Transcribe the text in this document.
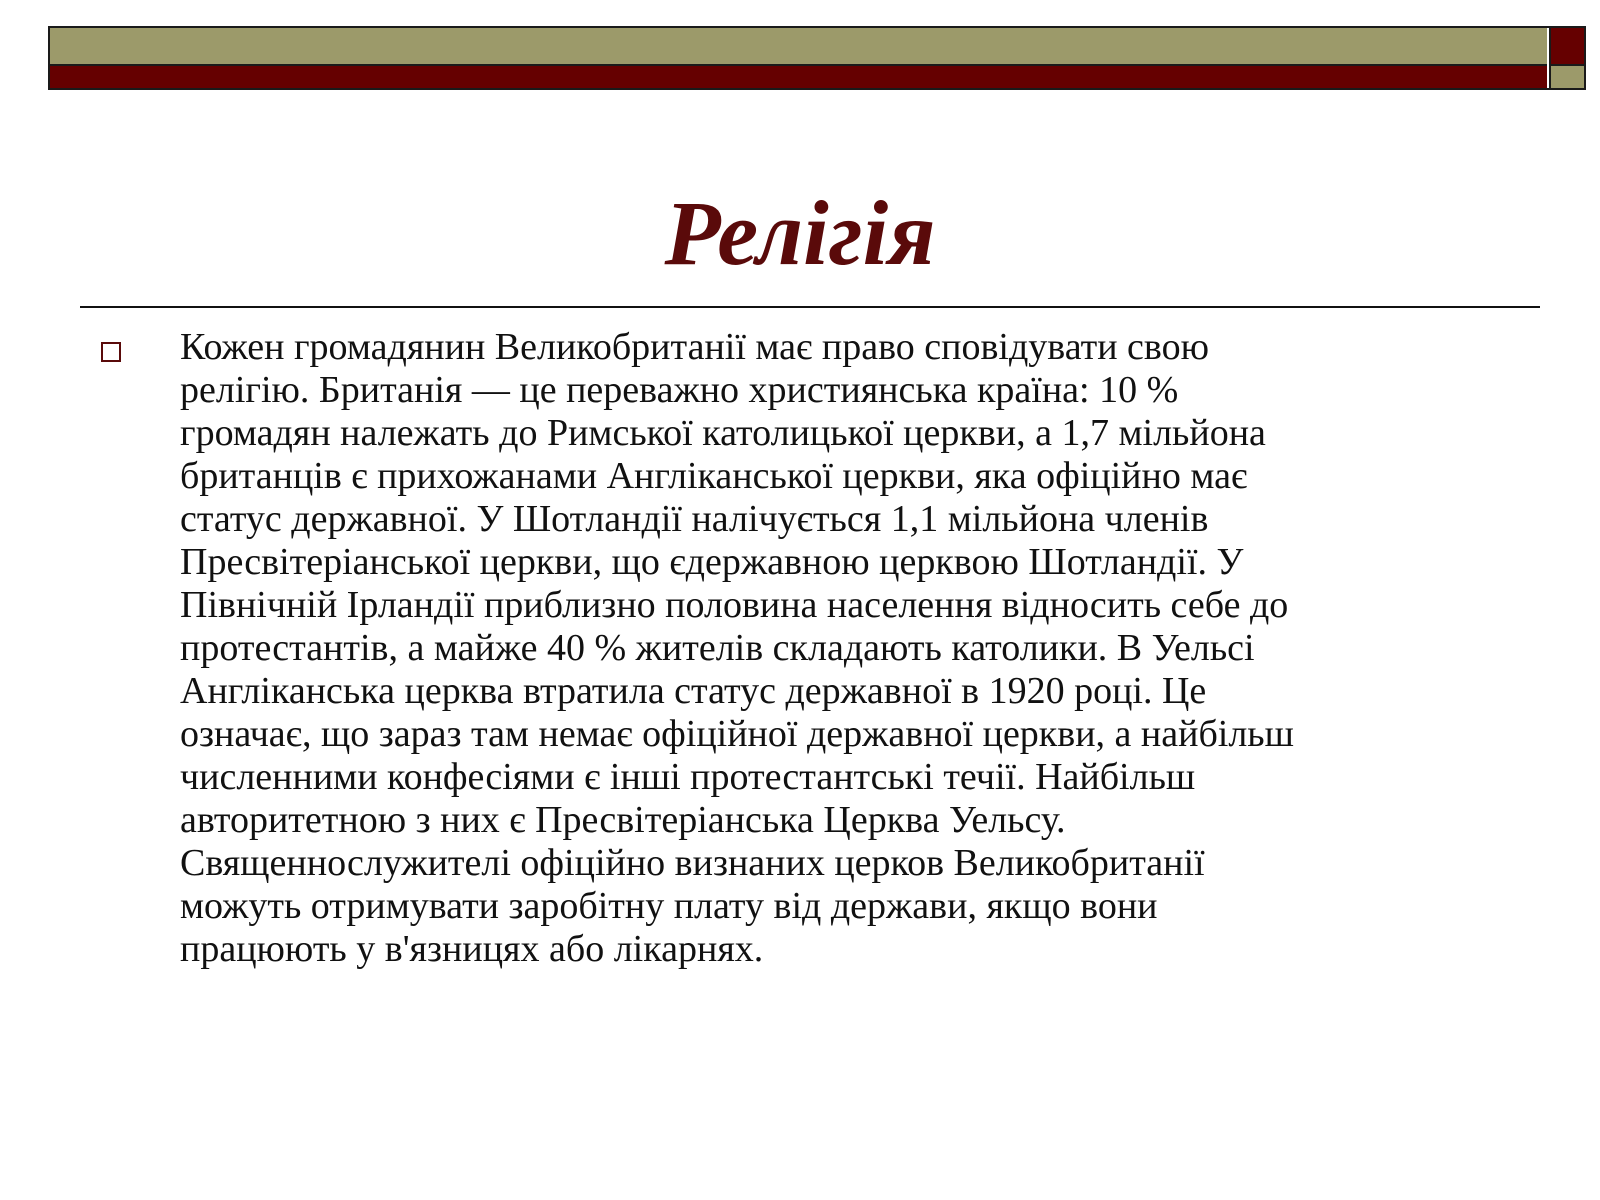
Релігія

Кожен громадянин Великобританії має право сповідувати свою
релігію. Британія — це переважно християнська країна: 10 %
громадян належать до Римської католицької церкви, а 1,7 мільйона
британців є прихожанами Англіканської церкви, яка офіційно має
статус державної. У Шотландії налічується 1,1 мільйона членів
Пресвітеріанської церкви, що єдержавною церквою Шотландії. У
Північній Ірландії приблизно половина населення відносить себе до
протестантів, а майже 40 % жителів складають католики. В Уельсі
Англіканська церква втратила статус державної в 1920 році. Це
означає, що зараз там немає офіційної державної церкви, а найбільш
численними конфесіями є інші протестантські течії. Найбільш
авторитетною з них є Пресвітеріанська Церква Уельсу.
Священнослужителі офіційно визнаних церков Великобританії
можуть отримувати заробітну плату від держави, якщо вони
працюють у в'язницях або лікарнях.
